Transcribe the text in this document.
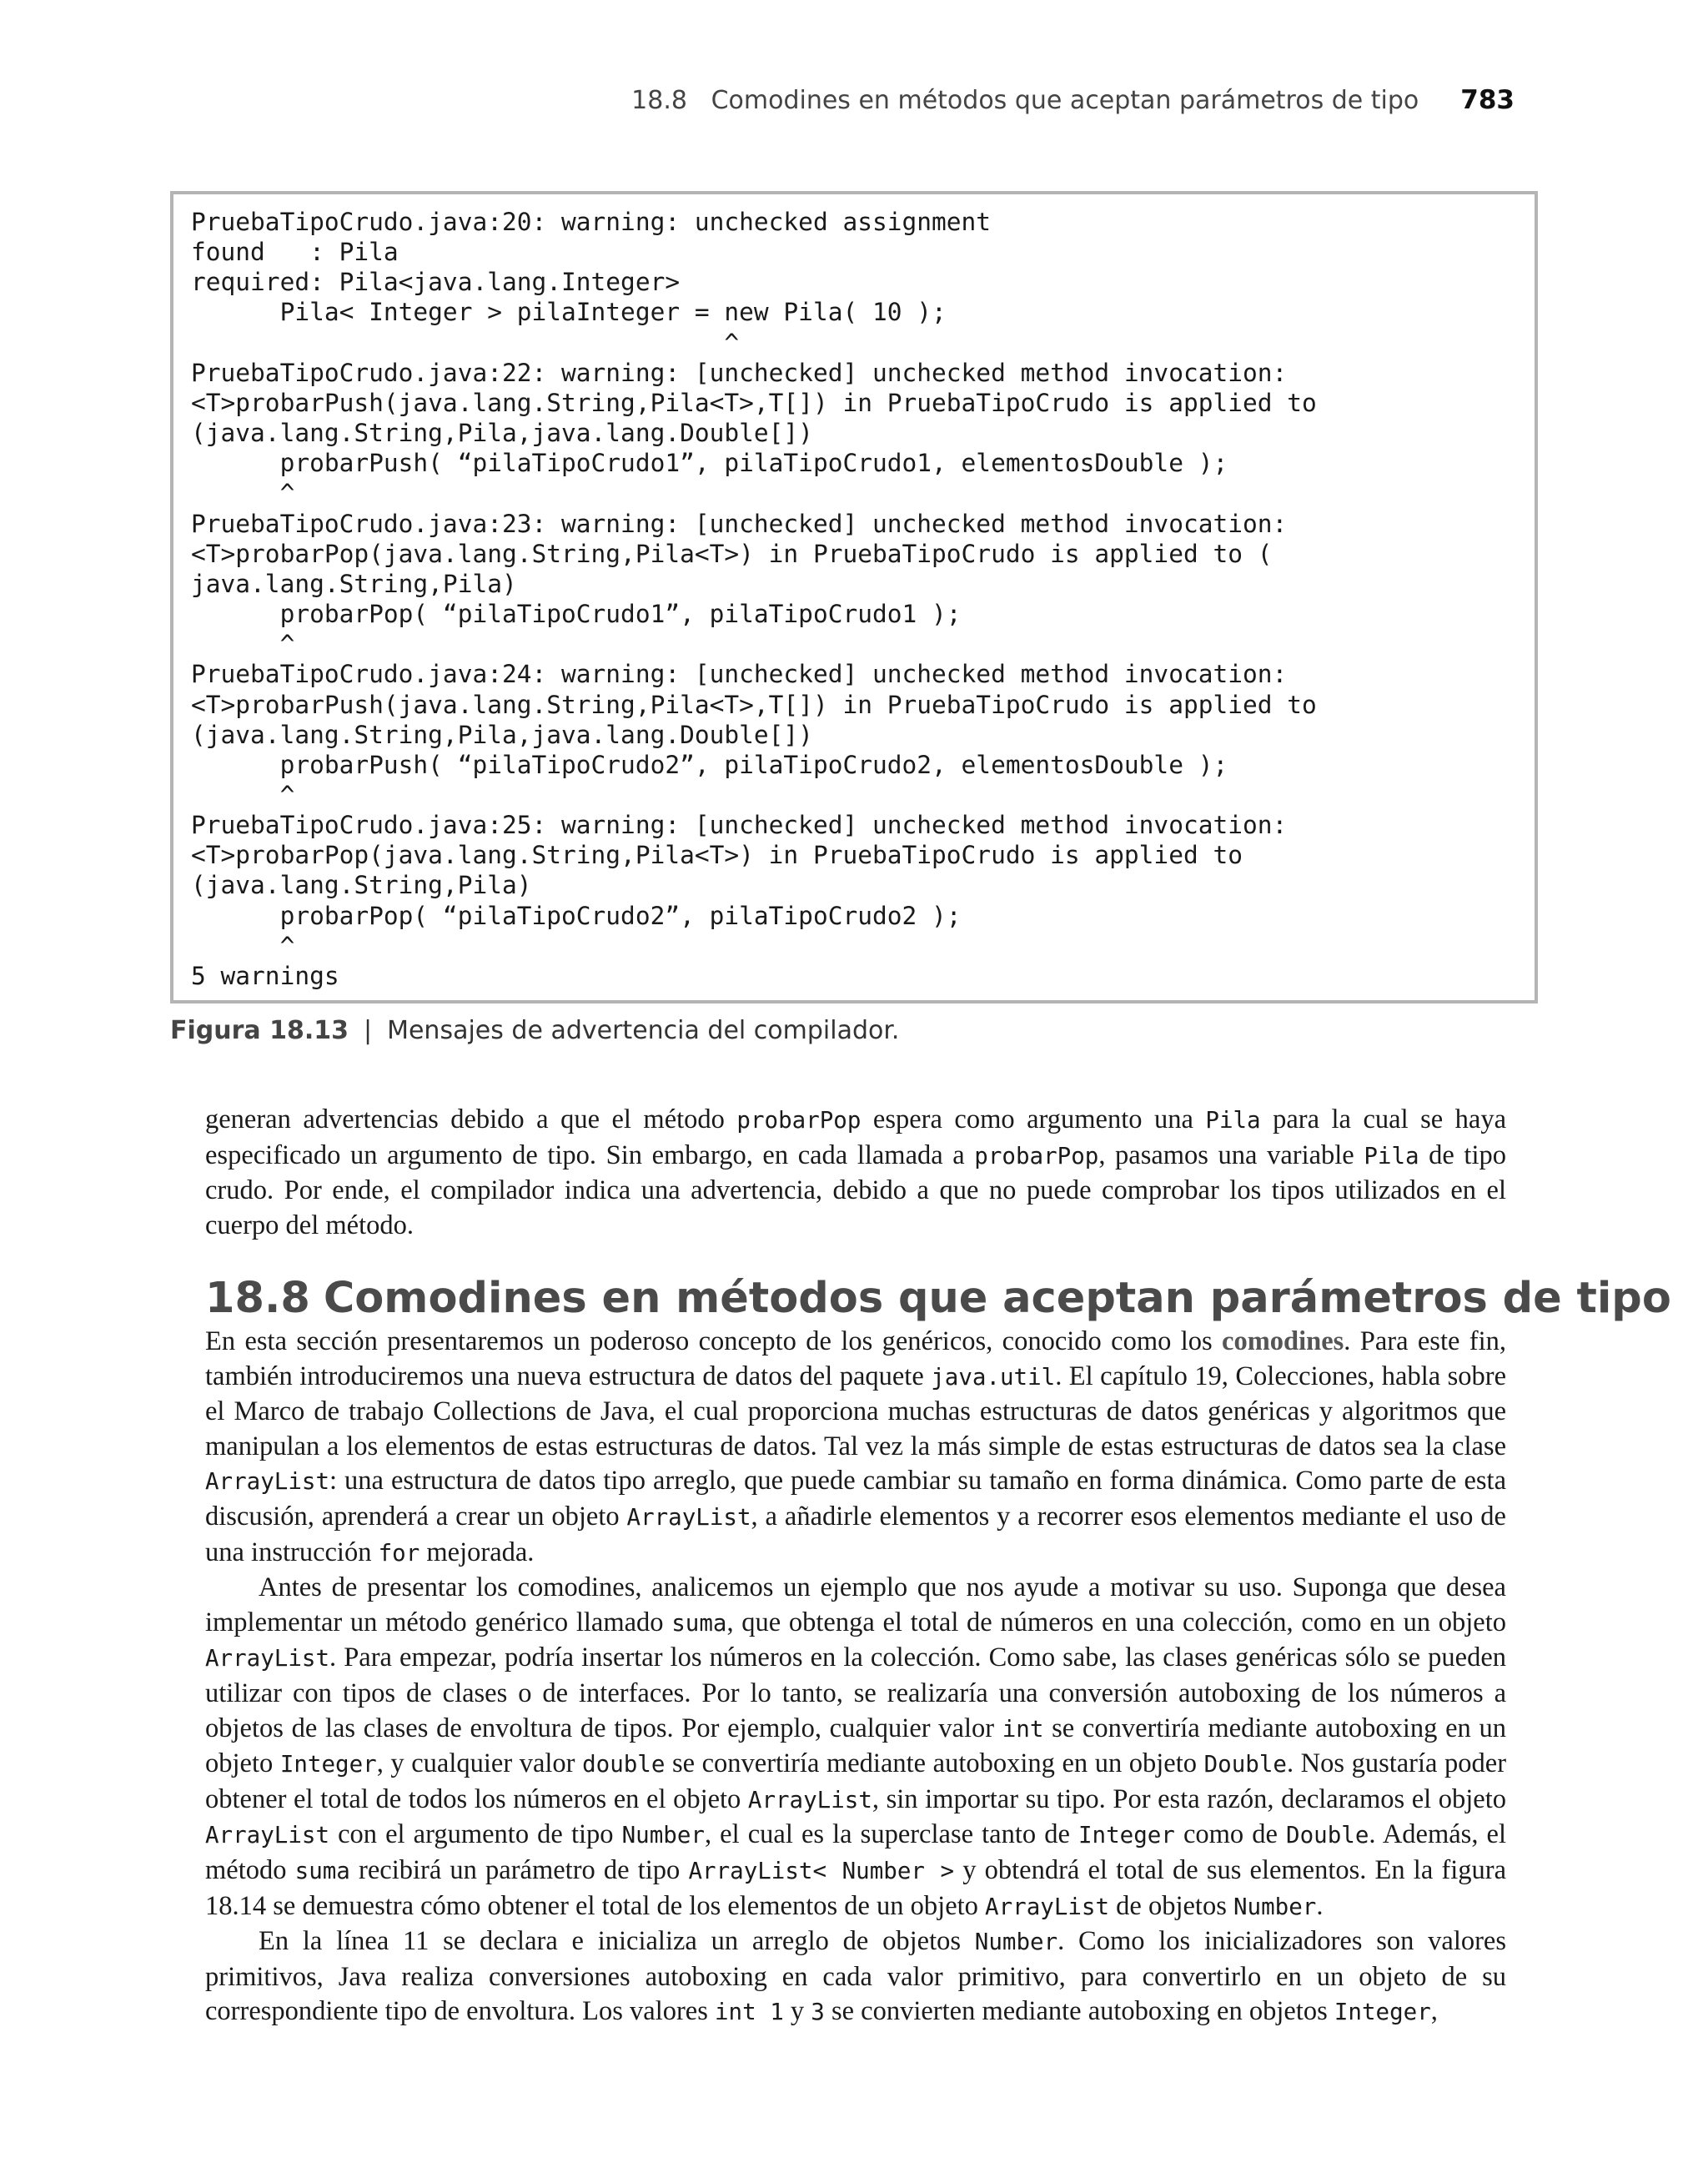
18.8   Comodines en métodos que aceptan parámetros de tipo 783
PruebaTipoCrudo.java:20: warning: unchecked assignment
found   : Pila
required: Pila<java.lang.Integer>
Pila< Integer > pilaInteger = new Pila( 10 );
^
PruebaTipoCrudo.java:22: warning: [unchecked] unchecked method invocation:
<T>probarPush(java.lang.String,Pila<T>,T[]) in PruebaTipoCrudo is applied to
(java.lang.String,Pila,java.lang.Double[])
probarPush( “pilaTipoCrudo1”, pilaTipoCrudo1, elementosDouble );
^
PruebaTipoCrudo.java:23: warning: [unchecked] unchecked method invocation:
<T>probarPop(java.lang.String,Pila<T>) in PruebaTipoCrudo is applied to (
java.lang.String,Pila)
probarPop( “pilaTipoCrudo1”, pilaTipoCrudo1 );
^
PruebaTipoCrudo.java:24: warning: [unchecked] unchecked method invocation:
<T>probarPush(java.lang.String,Pila<T>,T[]) in PruebaTipoCrudo is applied to
(java.lang.String,Pila,java.lang.Double[])
probarPush( “pilaTipoCrudo2”, pilaTipoCrudo2, elementosDouble );
^
PruebaTipoCrudo.java:25: warning: [unchecked] unchecked method invocation:
<T>probarPop(java.lang.String,Pila<T>) in PruebaTipoCrudo is applied to
(java.lang.String,Pila)
probarPop( “pilaTipoCrudo2”, pilaTipoCrudo2 );
^
5 warnings
Figura 18.13 | Mensajes de advertencia del compilador.

generan advertencias debido a que el método probarPop espera como argumento una Pila para la cual se haya especificado un argumento de tipo. Sin embargo, en cada llamada a probarPop, pasamos una variable Pila de tipo crudo. Por ende, el compilador indica una advertencia, debido a que no puede comprobar los tipos utilizados en el cuerpo del método.

18.8 Comodines en métodos que aceptan parámetros de tipo

En esta sección presentaremos un poderoso concepto de los genéricos, conocido como los comodines. Para este fin, también introduciremos una nueva estructura de datos del paquete java.util. El capítulo 19, Colecciones, habla sobre el Marco de trabajo Collections de Java, el cual proporciona muchas estructuras de datos genéricas y algoritmos que manipulan a los elementos de estas estructuras de datos. Tal vez la más simple de estas estructuras de datos sea la clase ArrayList: una estructura de datos tipo arreglo, que puede cambiar su tamaño en forma dinámica. Como parte de esta discusión, aprenderá a crear un objeto ArrayList, a añadirle elementos y a recorrer esos elementos mediante el uso de una instrucción for mejorada.

Antes de presentar los comodines, analicemos un ejemplo que nos ayude a motivar su uso. Suponga que desea implementar un método genérico llamado suma, que obtenga el total de números en una colección, como en un objeto ArrayList. Para empezar, podría insertar los números en la colección. Como sabe, las clases genéricas sólo se pueden utilizar con tipos de clases o de interfaces. Por lo tanto, se realizaría una conversión autoboxing de los números a objetos de las clases de envoltura de tipos. Por ejemplo, cualquier valor int se convertiría mediante autoboxing en un objeto Integer, y cualquier valor double se convertiría mediante autoboxing en un objeto Double. Nos gustaría poder obtener el total de todos los números en el objeto ArrayList, sin importar su tipo. Por esta razón, declaramos el objeto ArrayList con el argumento de tipo Number, el cual es la superclase tanto de Integer como de Double. Además, el método suma recibirá un parámetro de tipo ArrayList< Number > y obtendrá el total de sus elementos. En la figura 18.14 se demuestra cómo obtener el total de los elementos de un objeto ArrayList de objetos Number.

En la línea 11 se declara e inicializa un arreglo de objetos Number. Como los inicializadores son valores primitivos, Java realiza conversiones autoboxing en cada valor primitivo, para convertirlo en un objeto de su correspondiente tipo de envoltura. Los valores int 1 y 3 se convierten mediante autoboxing en objetos Integer,
